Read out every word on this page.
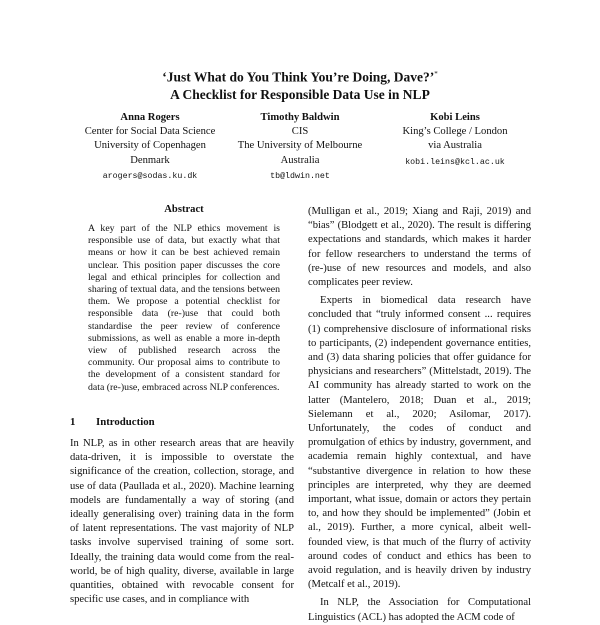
‘Just What do You Think You’re Doing, Dave?’*
A Checklist for Responsible Data Use in NLP
Anna Rogers
Center for Social Data Science
University of Copenhagen
Denmark
arogers@sodas.ku.dk
Timothy Baldwin
CIS
The University of Melbourne
Australia
tb@ldwin.net
Kobi Leins
King’s College / London
via Australia
kobi.leins@kcl.ac.uk
Abstract
A key part of the NLP ethics movement is responsible use of data, but exactly what that means or how it can be best achieved remain unclear. This position paper discusses the core legal and ethical principles for collection and sharing of textual data, and the tensions between them. We propose a potential checklist for responsible data (re-)use that could both standardise the peer review of conference submissions, as well as enable a more in-depth view of published research across the community. Our proposal aims to contribute to the development of a consistent standard for data (re-)use, embraced across NLP conferences.
1 Introduction

In NLP, as in other research areas that are heavily data-driven, it is impossible to overstate the significance of the creation, collection, storage, and use of data (Paullada et al., 2020). Machine learning models are fundamentally a way of storing (and ideally generalising over) training data in the form of latent representations. The vast majority of NLP tasks involve supervised training of some sort. Ideally, the training data would come from the real-world, be of high quality, diverse, available in large quantities, obtained with revocable consent for specific use cases, and in compliance with

(Mulligan et al., 2019; Xiang and Raji, 2019) and “bias” (Blodgett et al., 2020). The result is differing expectations and standards, which makes it harder for fellow researchers to understand the terms of (re-)use of new resources and models, and also complicates peer review.

Experts in biomedical data research have concluded that “truly informed consent ... requires (1) comprehensive disclosure of informational risks to participants, (2) independent governance entities, and (3) data sharing policies that offer guidance for physicians and researchers” (Mittelstadt, 2019). The AI community has already started to work on the latter (Mantelero, 2018; Duan et al., 2019; Sielemann et al., 2020; Asilomar, 2017). Unfortunately, the codes of conduct and promulgation of ethics by industry, government, and academia remain highly contextual, and have “substantive divergence in relation to how these principles are interpreted, why they are deemed important, what issue, domain or actors they pertain to, and how they should be implemented” (Jobin et al., 2019). Further, a more cynical, albeit well-founded view, is that much of the flurry of activity around codes of conduct and ethics has been to avoid regulation, and is heavily driven by industry (Metcalf et al., 2019).

In NLP, the Association for Computational Linguistics (ACL) has adopted the ACM code of
